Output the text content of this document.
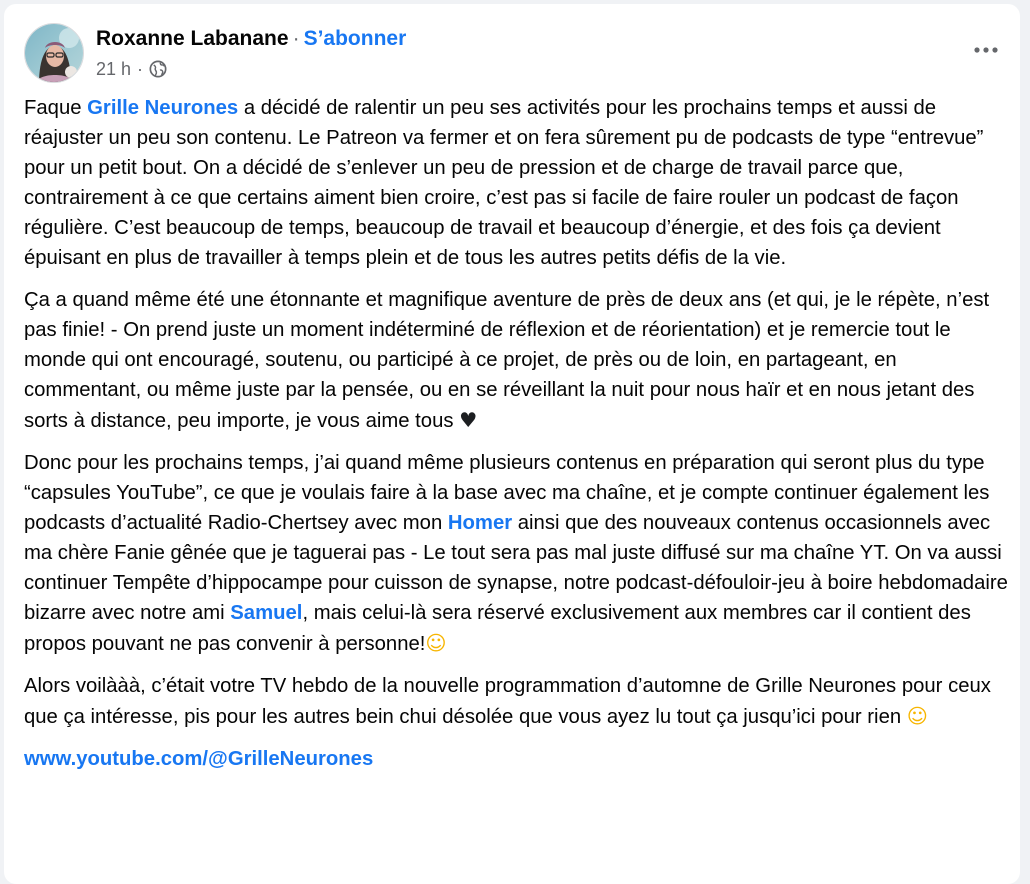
Roxanne Labanane · S’abonner
21 h ·

Faque Grille Neurones a décidé de ralentir un peu ses activités pour les prochains temps et aussi de réajuster un peu son contenu. Le Patreon va fermer et on fera sûrement pu de podcasts de type “entrevue” pour un petit bout. On a décidé de s’enlever un peu de pression et de charge de travail parce que, contrairement à ce que certains aiment bien croire, c’est pas si facile de faire rouler un podcast de façon régulière. C’est beaucoup de temps, beaucoup de travail et beaucoup d’énergie, et des fois ça devient épuisant en plus de travailler à temps plein et de tous les autres petits défis de la vie.

Ça a quand même été une étonnante et magnifique aventure de près de deux ans (et qui, je le répète, n’est pas finie! - On prend juste un moment indéterminé de réflexion et de réorientation) et je remercie tout le monde qui ont encouragé, soutenu, ou participé à ce projet, de près ou de loin, en partageant, en commentant, ou même juste par la pensée, ou en se réveillant la nuit pour nous haïr et en nous jetant des sorts à distance, peu importe, je vous aime tous ♥

Donc pour les prochains temps, j’ai quand même plusieurs contenus en préparation qui seront plus du type “capsules YouTube”, ce que je voulais faire à la base avec ma chaîne, et je compte continuer également les podcasts d’actualité Radio-Chertsey avec mon Homer ainsi que des nouveaux contenus occasionnels avec ma chère Fanie gênée que je taguerai pas - Le tout sera pas mal juste diffusé sur ma chaîne YT. On va aussi continuer Tempête d’hippocampe pour cuisson de synapse, notre podcast-défouloir-jeu à boire hebdomadaire bizarre avec notre ami Samuel, mais celui-là sera réservé exclusivement aux membres car il contient des propos pouvant ne pas convenir à personne!☺

Alors voilààà, c’était votre TV hebdo de la nouvelle programmation d’automne de Grille Neurones pour ceux que ça intéresse, pis pour les autres bein chui désolée que vous ayez lu tout ça jusqu’ici pour rien ☺

www.youtube.com/@GrilleNeurones
